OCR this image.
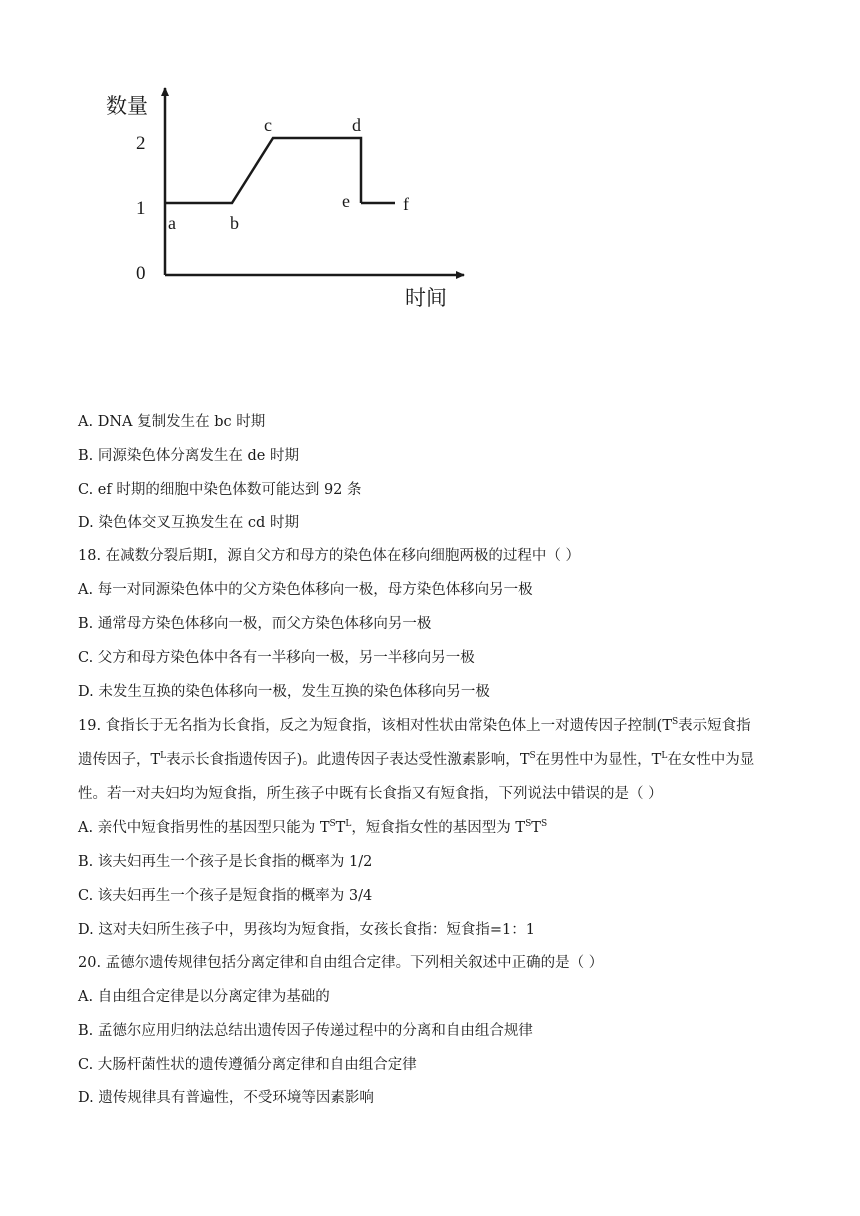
数量
时间
0
1
2
a	b
c	d
e	f
A. DNA 复制发生在 bc 时期
B. 同源染色体分离发生在 de 时期
C. ef 时期的细胞中染色体数可能达到 92 条
D. 染色体交叉互换发生在 cd 时期
18. 在减数分裂后期Ⅰ，源自父方和母方的染色体在移向细胞两极的过程中（ ）
A. 每一对同源染色体中的父方染色体移向一极，母方染色体移向另一极
B. 通常母方染色体移向一极，而父方染色体移向另一极
C. 父方和母方染色体中各有一半移向一极，另一半移向另一极
D. 未发生互换的染色体移向一极，发生互换的染色体移向另一极
19. 食指长于无名指为长食指，反之为短食指，该相对性状由常染色体上一对遗传因子控制($T^S$表示短食指
遗传因子，$T^L$表示长食指遗传因子)。此遗传因子表达受性激素影响，$T^S$在男性中为显性，$T^L$在女性中为显
性。若一对夫妇均为短食指，所生孩子中既有长食指又有短食指，下列说法中错误的是（ ）
A. 亲代中短食指男性的基因型只能为 $T^ST^L$，短食指女性的基因型为 $T^ST^S$
B. 该夫妇再生一个孩子是长食指的概率为 1/2
C. 该夫妇再生一个孩子是短食指的概率为 3/4
D. 这对夫妇所生孩子中，男孩均为短食指，女孩长食指：短食指=1：1
20. 孟德尔遗传规律包括分离定律和自由组合定律。下列相关叙述中正确的是（ ）
A. 自由组合定律是以分离定律为基础的
B. 孟德尔应用归纳法总结出遗传因子传递过程中的分离和自由组合规律
C. 大肠杆菌性状的遗传遵循分离定律和自由组合定律
D. 遗传规律具有普遍性，不受环境等因素影响
